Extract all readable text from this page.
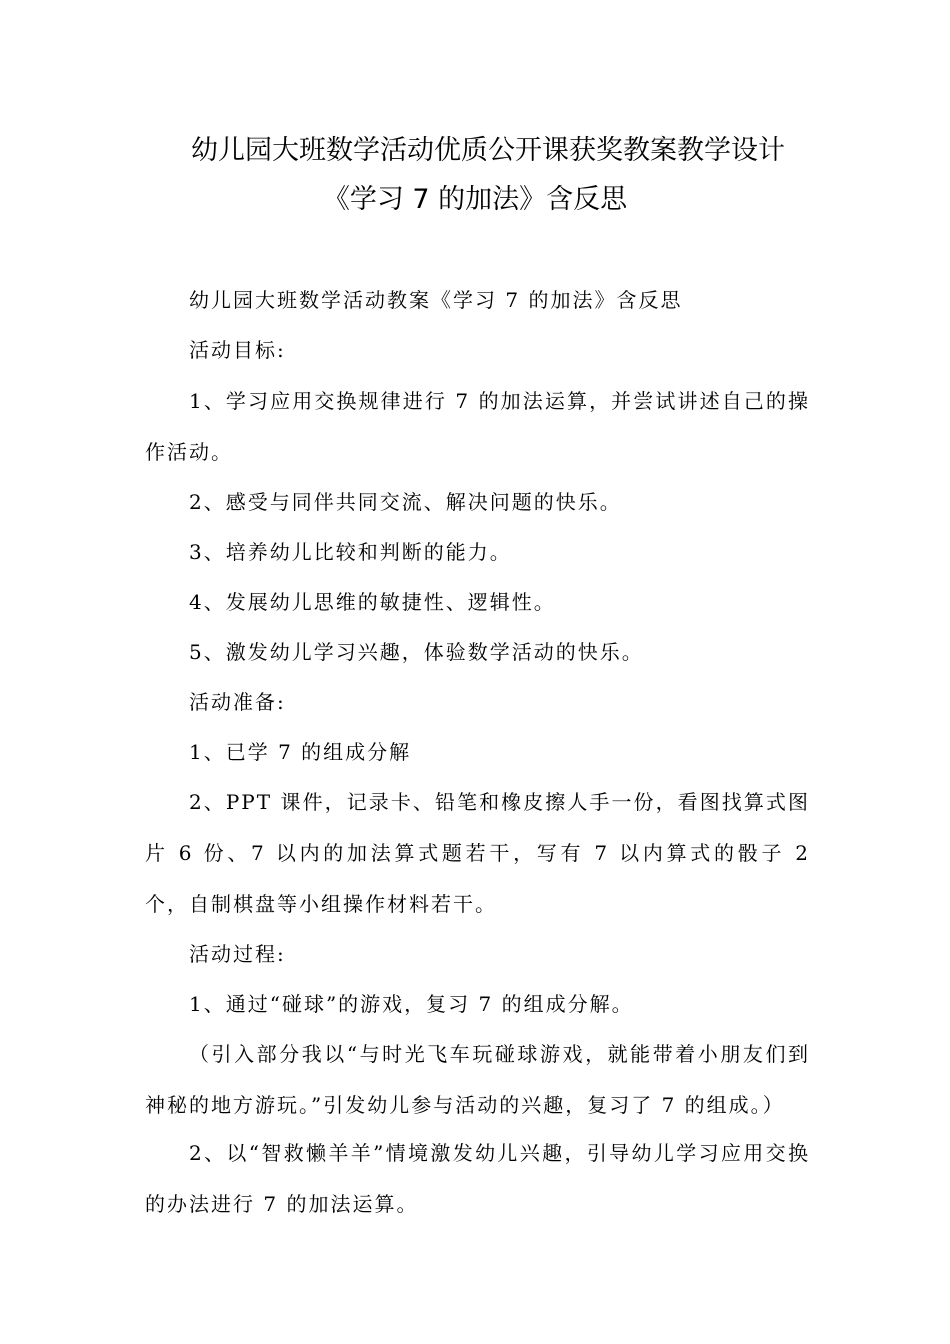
幼儿园大班数学活动优质公开课获奖教案教学设计
《学习 7 的加法》含反思
幼儿园大班数学活动教案《学习 7 的加法》含反思
活动目标:
1、学习应用交换规律进行 7 的加法运算，并尝试讲述自己的操作活动。
2、感受与同伴共同交流、解决问题的快乐。
3、培养幼儿比较和判断的能力。
4、发展幼儿思维的敏捷性、逻辑性。
5、激发幼儿学习兴趣，体验数学活动的快乐。
活动准备:
1、已学 7 的组成分解
2、PPT 课件，记录卡、铅笔和橡皮擦人手一份，看图找算式图片 6 份、7 以内的加法算式题若干，写有 7 以内算式的骰子 2 个，自制棋盘等小组操作材料若干。
活动过程:
1、通过“碰球”的游戏，复习 7 的组成分解。
（引入部分我以“与时光飞车玩碰球游戏，就能带着小朋友们到神秘的地方游玩。”引发幼儿参与活动的兴趣，复习了 7 的组成。）
2、以“智救懒羊羊”情境激发幼儿兴趣，引导幼儿学习应用交换的办法进行 7 的加法运算。
